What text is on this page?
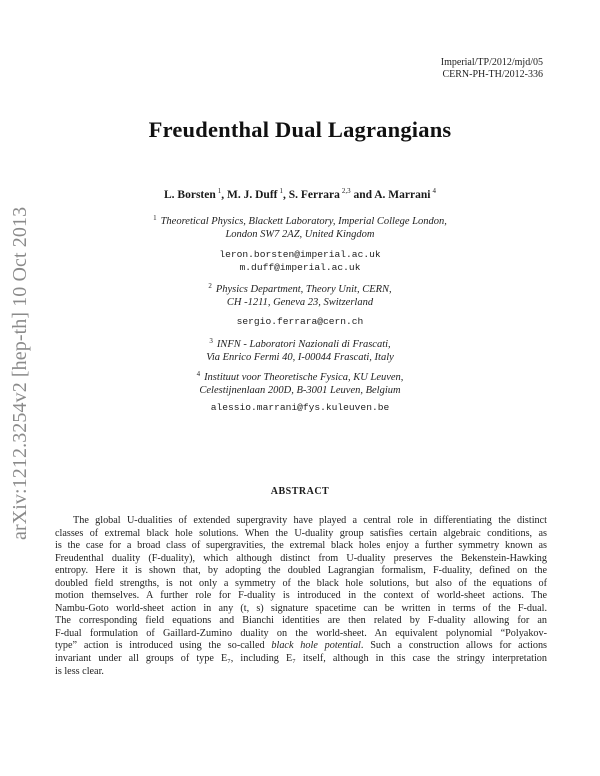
Imperial/TP/2012/mjd/05
CERN-PH-TH/2012-336
Freudenthal Dual Lagrangians
L. Borsten $^1$, M. J. Duff $^1$, S. Ferrara $^{2,3}$ and A. Marrani $^4$
$^1$ Theoretical Physics, Blackett Laboratory, Imperial College London,
London SW7 2AZ, United Kingdom
leron.borsten@imperial.ac.uk
m.duff@imperial.ac.uk
$^2$ Physics Department, Theory Unit, CERN,
CH -1211, Geneva 23, Switzerland
sergio.ferrara@cern.ch
$^3$ INFN - Laboratori Nazionali di Frascati,
Via Enrico Fermi 40, I-00044 Frascati, Italy
$^4$ Instituut voor Theoretische Fysica, KU Leuven,
Celestijnenlaan 200D, B-3001 Leuven, Belgium
alessio.marrani@fys.kuleuven.be
arXiv:1212.3254v2 [hep-th] 10 Oct 2013	ABSTRACT
The global U-dualities of extended supergravity have played a central role in differentiating the distinct
classes of extremal black hole solutions. When the U-duality group satisfies certain algebraic conditions, as
is the case for a broad class of supergravities, the extremal black holes enjoy a further symmetry known as
Freudenthal duality (F-duality), which although distinct from U-duality preserves the Bekenstein-Hawking
entropy. Here it is shown that, by adopting the doubled Lagrangian formalism, F-duality, defined on the
doubled field strengths, is not only a symmetry of the black hole solutions, but also of the equations of
motion themselves. A further role for F-duality is introduced in the context of world-sheet actions. The
Nambu-Goto world-sheet action in any (t, s) signature spacetime can be written in terms of the F-dual.
The corresponding field equations and Bianchi identities are then related by F-duality allowing for an
F-dual formulation of Gaillard-Zumino duality on the world-sheet. An equivalent polynomial “Polyakov-
type” action is introduced using the so-called black hole potential. Such a construction allows for actions
invariant under all groups of type E₇, including E₇ itself, although in this case the stringy interpretation
is less clear.
